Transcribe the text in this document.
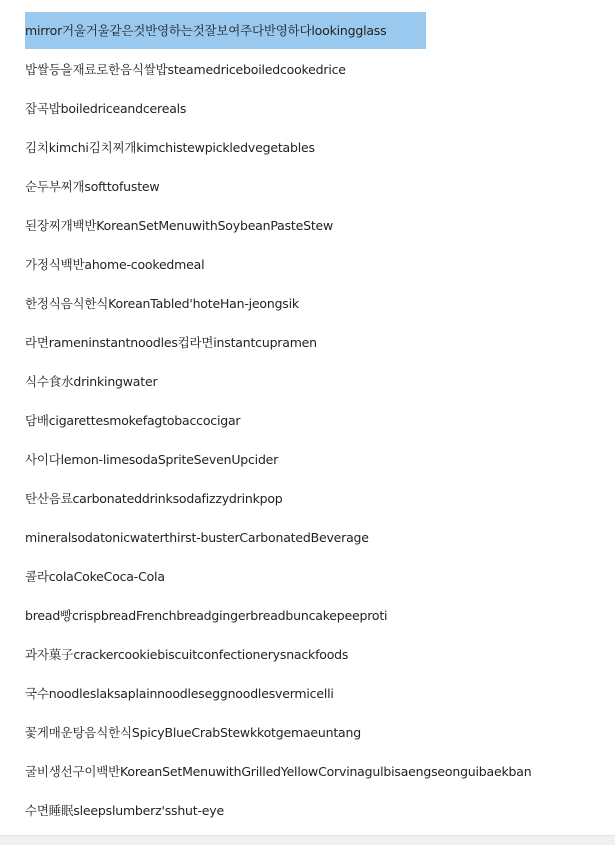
mirror거울거울같은것반영하는것잘보여주다반영하다lookingglass
밥쌀등을재료로한음식쌀밥steamedriceboiledcookedrice
잡곡밥boiledriceandcereals
김치kimchi김치찌개kimchistewpickledvegetables
순두부찌개softtofustew
된장찌개백반KoreanSetMenuwithSoybeanPasteStew
가정식백반ahome-cookedmeal
한정식음식한식KoreanTabled'hoteHan-jeongsik
라면rameninstantnoodles컵라면instantcupramen
식수食水drinkingwater
담배cigarettesmokefagtobaccocigar
사이다lemon-limesodaSpriteSevenUpcider
탄산음료carbonateddrinksodafizzydrinkpop
mineralsodatonicwaterthirst-busterCarbonatedBeverage
콜라colaCokeCoca-Cola
bread빵crispbreadFrenchbreadgingerbreadbuncakepeeproti
과자菓子crackercookiebiscuitconfectionerysnackfoods
국수noodleslaksaplainnoodleseggnoodlesvermicelli
꽃게매운탕음식한식SpicyBlueCrabStewkkotgemaeuntang
굴비생선구이백반KoreanSetMenuwithGrilledYellowCorvinagulbisaengseonguibaekban
수면睡眠sleepslumberz'sshut-eye
